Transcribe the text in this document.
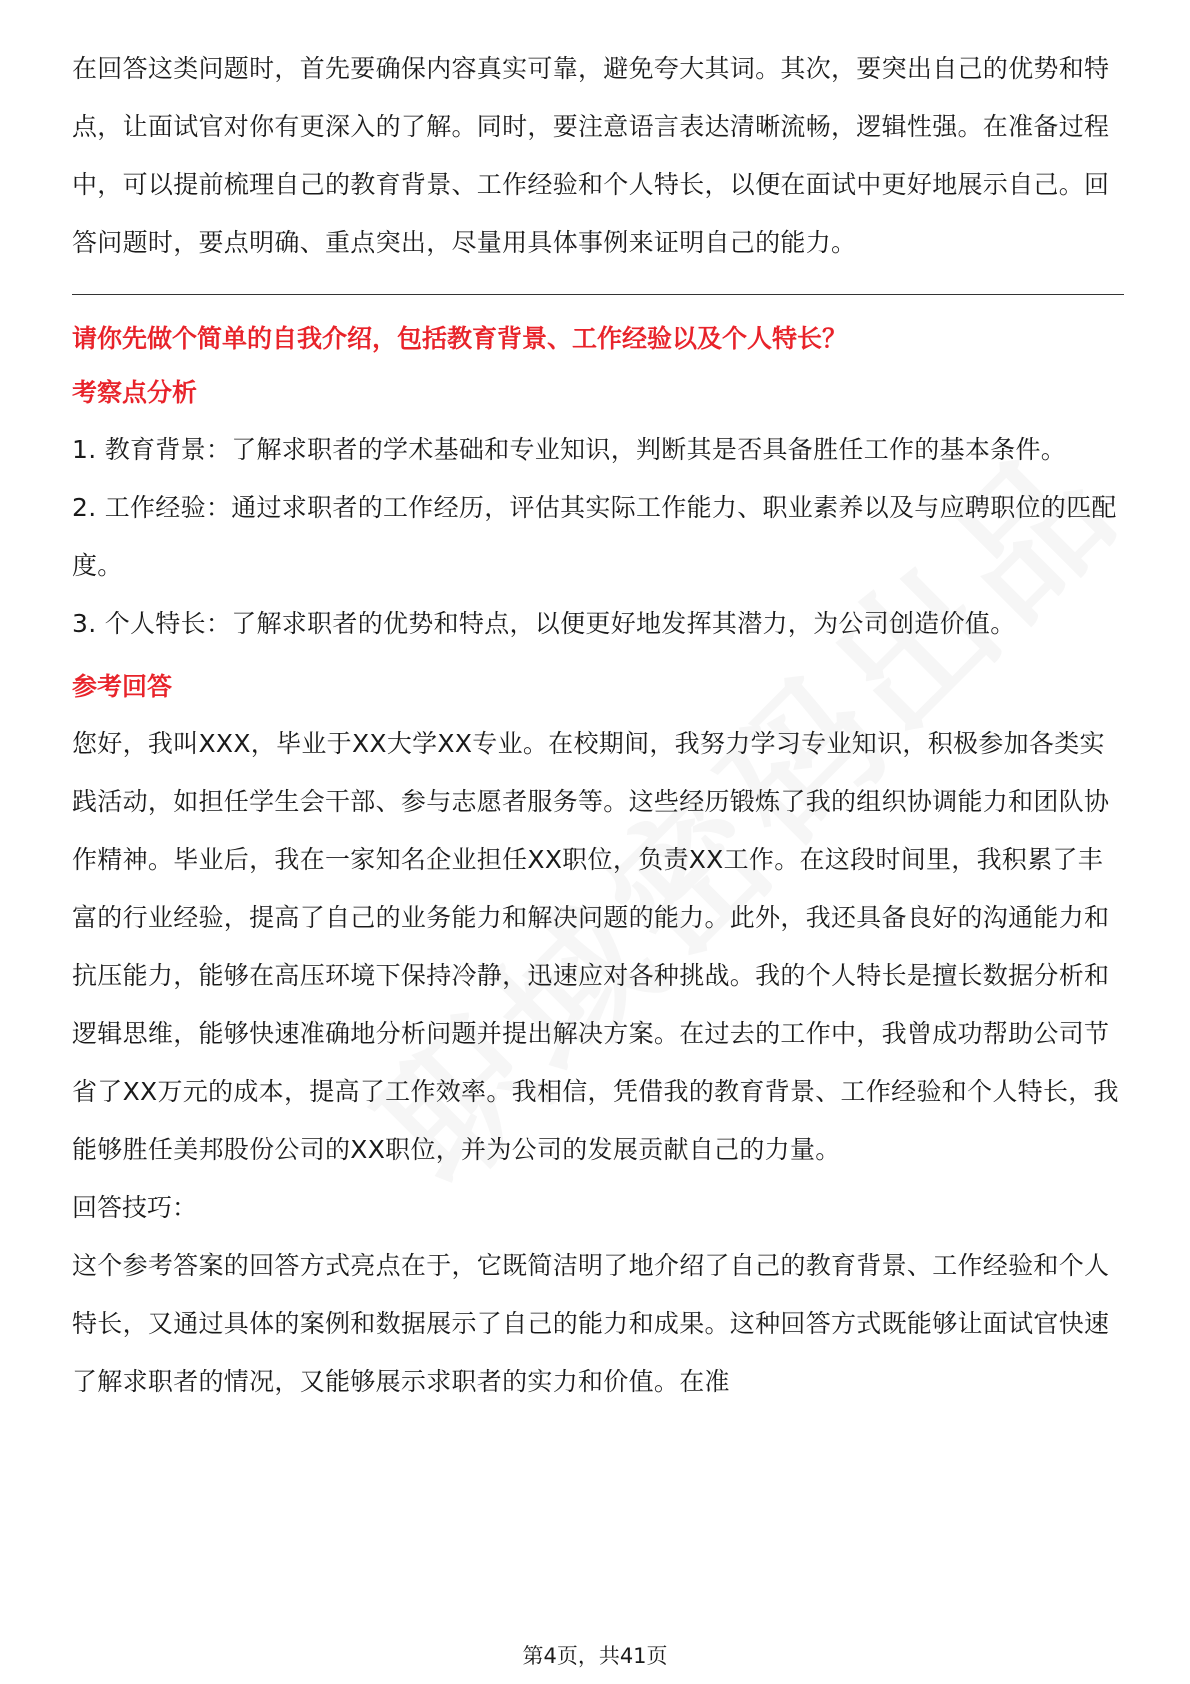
在回答这类问题时，首先要确保内容真实可靠，避免夸大其词。其次，要突出自己的优势和特点，让面试官对你有更深入的了解。同时，要注意语言表达清晰流畅，逻辑性强。在准备过程中，可以提前梳理自己的教育背景、工作经验和个人特长，以便在面试中更好地展示自己。回答问题时，要点明确、重点突出，尽量用具体事例来证明自己的能力。

请你先做个简单的自我介绍，包括教育背景、工作经验以及个人特长？

考察点分析

1. 教育背景：了解求职者的学术基础和专业知识，判断其是否具备胜任工作的基本条件。

2. 工作经验：通过求职者的工作经历，评估其实际工作能力、职业素养以及与应聘职位的匹配度。

3. 个人特长：了解求职者的优势和特点，以便更好地发挥其潜力，为公司创造价值。

参考回答

您好，我叫XXX，毕业于XX大学XX专业。在校期间，我努力学习专业知识，积极参加各类实践活动，如担任学生会干部、参与志愿者服务等。这些经历锻炼了我的组织协调能力和团队协作精神。毕业后，我在一家知名企业担任XX职位，负责XX工作。在这段时间里，我积累了丰富的行业经验，提高了自己的业务能力和解决问题的能力。此外，我还具备良好的沟通能力和抗压能力，能够在高压环境下保持冷静，迅速应对各种挑战。我的个人特长是擅长数据分析和逻辑思维，能够快速准确地分析问题并提出解决方案。在过去的工作中，我曾成功帮助公司节省了XX万元的成本，提高了工作效率。我相信，凭借我的教育背景、工作经验和个人特长，我能够胜任美邦股份公司的XX职位，并为公司的发展贡献自己的力量。

回答技巧：

这个参考答案的回答方式亮点在于，它既简洁明了地介绍了自己的教育背景、工作经验和个人特长，又通过具体的案例和数据展示了自己的能力和成果。这种回答方式既能够让面试官快速了解求职者的情况，又能够展示求职者的实力和价值。在准

第4页，共41页
